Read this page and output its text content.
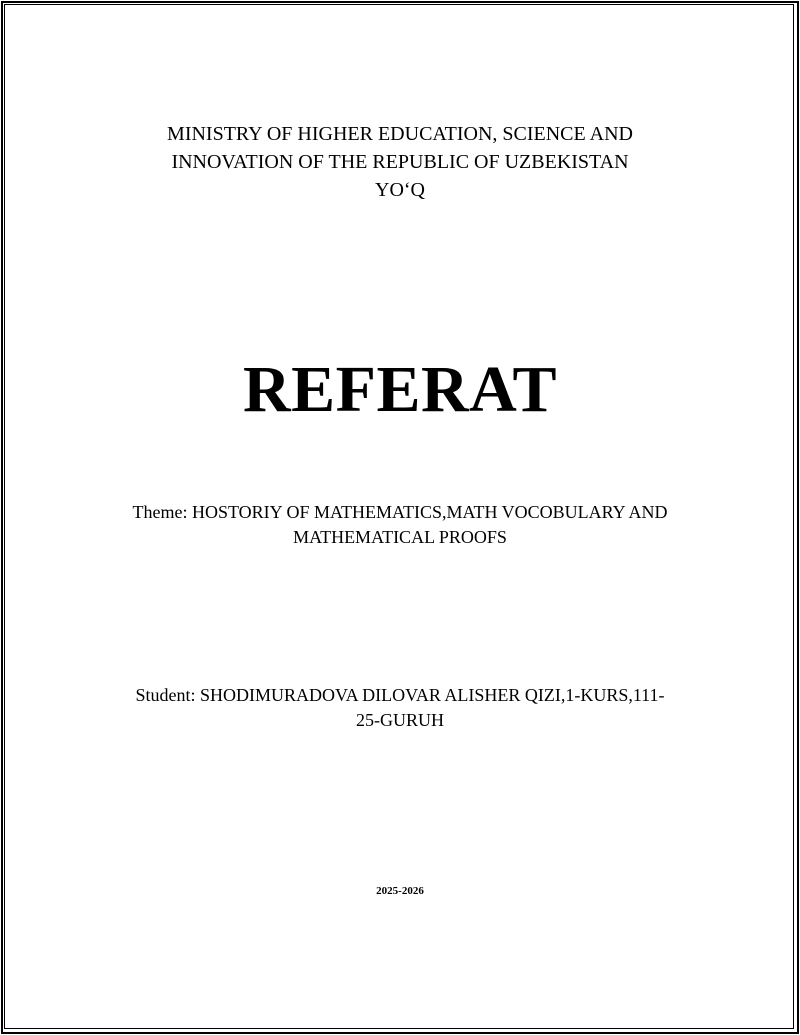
MINISTRY OF HIGHER EDUCATION, SCIENCE AND
INNOVATION OF THE REPUBLIC OF UZBEKISTAN
YO‘Q
REFERAT
Theme: HOSTORIY OF MATHEMATICS,MATH VOCOBULARY AND
MATHEMATICAL PROOFS
Student: SHODIMURADOVA DILOVAR ALISHER QIZI,1-KURS,111-
25-GURUH
2025-2026
